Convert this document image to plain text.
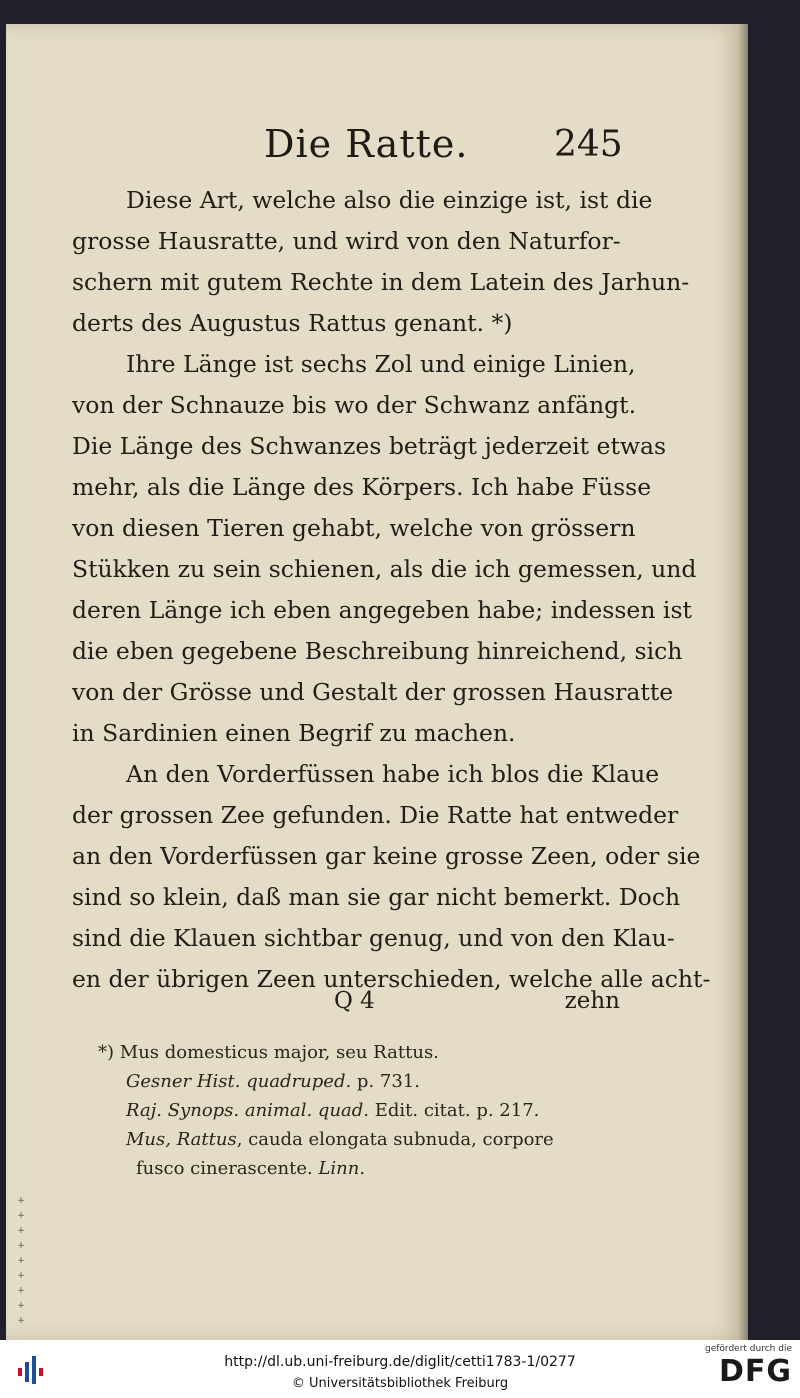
Die Ratte. 245

Diese Art, welche also die einzige ist, ist die
grosse Hausratte, und wird von den Naturfor-
schern mit gutem Rechte in dem Latein des Jarhun-
derts des Augustus Rattus genant. *)

Ihre Länge ist sechs Zol und einige Linien,
von der Schnauze bis wo der Schwanz anfängt.
Die Länge des Schwanzes beträgt jederzeit etwas
mehr, als die Länge des Körpers. Ich habe Füsse
von diesen Tieren gehabt, welche von grössern
Stükken zu sein schienen, als die ich gemessen, und
deren Länge ich eben angegeben habe; indessen ist
die eben gegebene Beschreibung hinreichend, sich
von der Grösse und Gestalt der grossen Hausratte
in Sardinien einen Begrif zu machen.

An den Vorderfüssen habe ich blos die Klaue
der grossen Zee gefunden. Die Ratte hat entweder
an den Vorderfüssen gar keine grosse Zeen, oder sie
sind so klein, daß man sie gar nicht bemerkt. Doch
sind die Klauen sichtbar genug, und von den Klau-
en der übrigen Zeen unterschieden, welche alle acht-

Q 4	zehn
*) Mus domesticus major, seu Rattus.
Gesner Hist. quadruped. p. 731.
Raj. Synops. animal. quad. Edit. citat. p. 217.
Mus, Rattus, cauda elongata subnuda, corpore
fusco cinerascente. Linn.
+ + + + + + + + +
http://dl.ub.uni-freiburg.de/diglit/cetti1783-1/0277
© Universitätsbibliothek Freiburg
gefördert durch die
DFG
